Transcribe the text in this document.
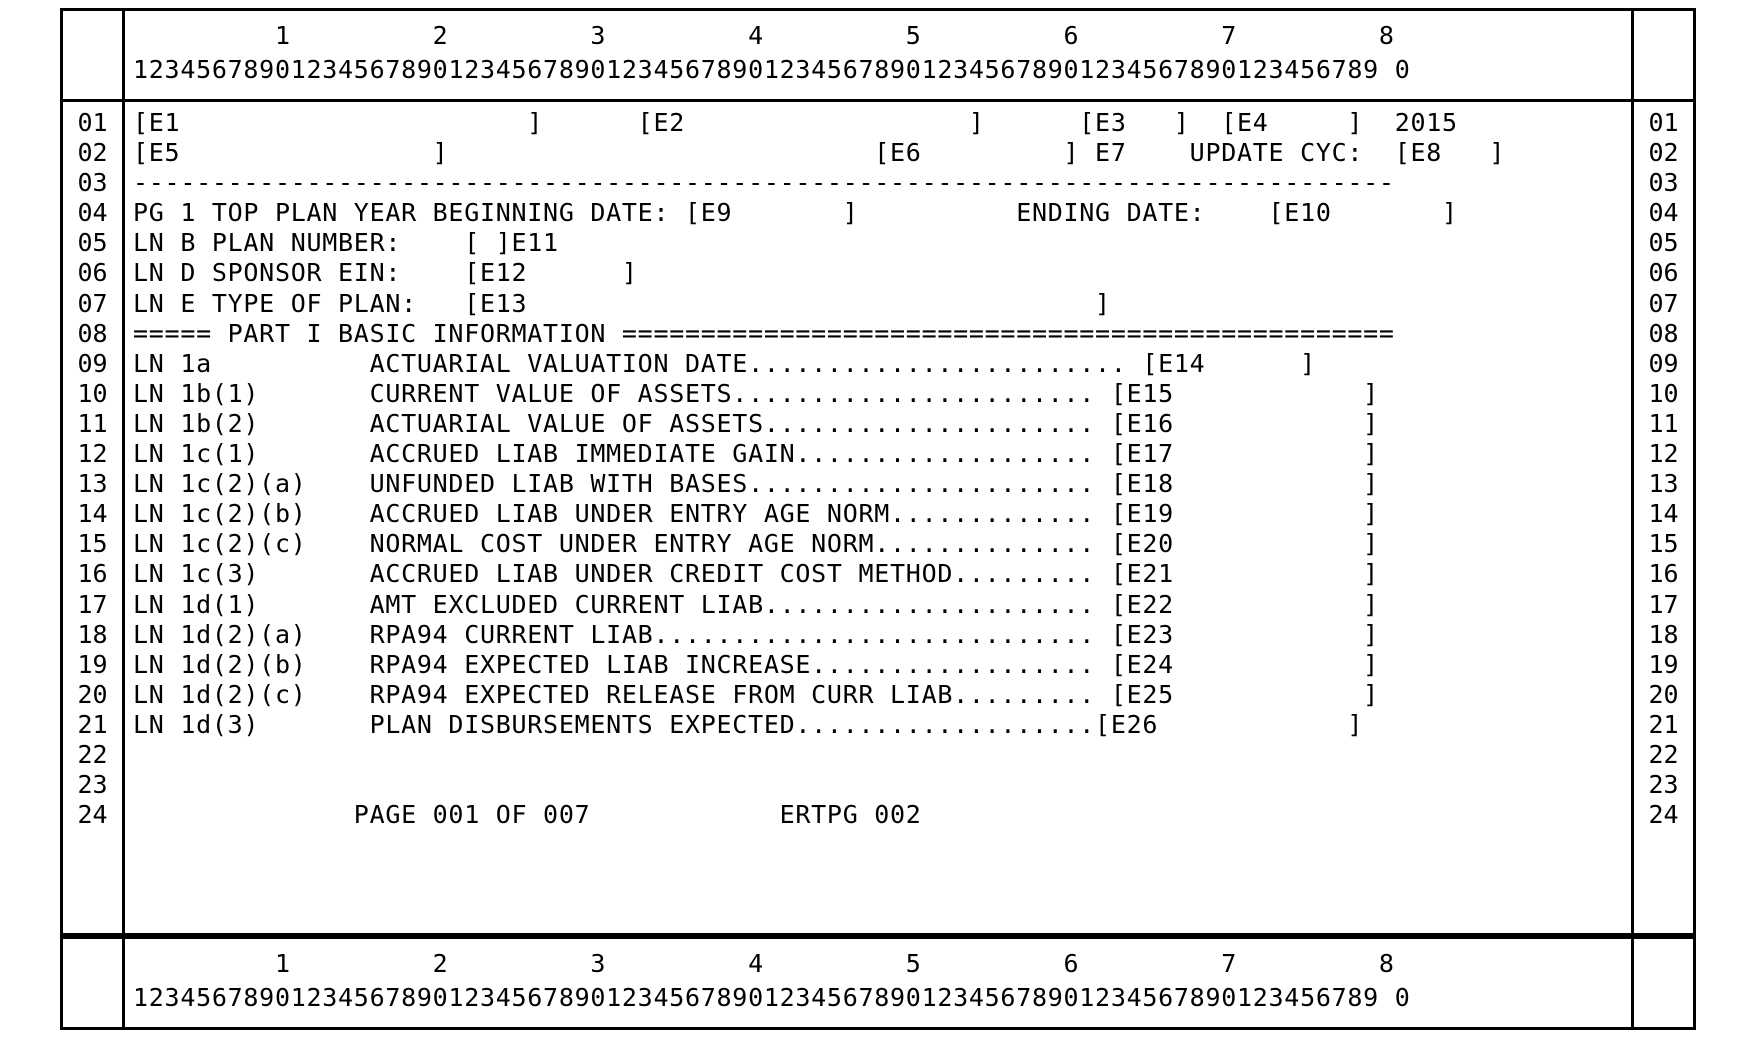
1         2         3         4         5         6         7         8
1234567890123456789012345678901234567890123456789012345678901234567890123456789 0
01
02
03
04
05
06
07
08
09
10
11
12
13
14
15
16
17
18
19
20
21
22
23
24
[E1                      ]      [E2                  ]      [E3   ]  [E4     ]  2015
[E5                ]                           [E6         ] E7    UPDATE CYC:  [E8   ]
--------------------------------------------------------------------------------
PG 1 TOP PLAN YEAR BEGINNING DATE: [E9       ]          ENDING DATE:    [E10       ]
LN B PLAN NUMBER:    [ ]E11
LN D SPONSOR EIN:    [E12      ]
LN E TYPE OF PLAN:   [E13                                    ]
===== PART I BASIC INFORMATION =================================================
LN 1a          ACTUARIAL VALUATION DATE........................ [E14      ]
LN 1b(1)       CURRENT VALUE OF ASSETS....................... [E15            ]
LN 1b(2)       ACTUARIAL VALUE OF ASSETS..................... [E16            ]
LN 1c(1)       ACCRUED LIAB IMMEDIATE GAIN................... [E17            ]
LN 1c(2)(a)    UNFUNDED LIAB WITH BASES...................... [E18            ]
LN 1c(2)(b)    ACCRUED LIAB UNDER ENTRY AGE NORM............. [E19            ]
LN 1c(2)(c)    NORMAL COST UNDER ENTRY AGE NORM.............. [E20            ]
LN 1c(3)       ACCRUED LIAB UNDER CREDIT COST METHOD......... [E21            ]
LN 1d(1)       AMT EXCLUDED CURRENT LIAB..................... [E22            ]
LN 1d(2)(a)    RPA94 CURRENT LIAB............................ [E23            ]
LN 1d(2)(b)    RPA94 EXPECTED LIAB INCREASE.................. [E24            ]
LN 1d(2)(c)    RPA94 EXPECTED RELEASE FROM CURR LIAB......... [E25            ]
LN 1d(3)       PLAN DISBURSEMENTS EXPECTED...................[E26            ]
PAGE 001 OF 007            ERTPG 002
01
02
03
04
05
06
07
08
09
10
11
12
13
14
15
16
17
18
19
20
21
22
23
24
1         2         3         4         5         6         7         8
1234567890123456789012345678901234567890123456789012345678901234567890123456789 0
